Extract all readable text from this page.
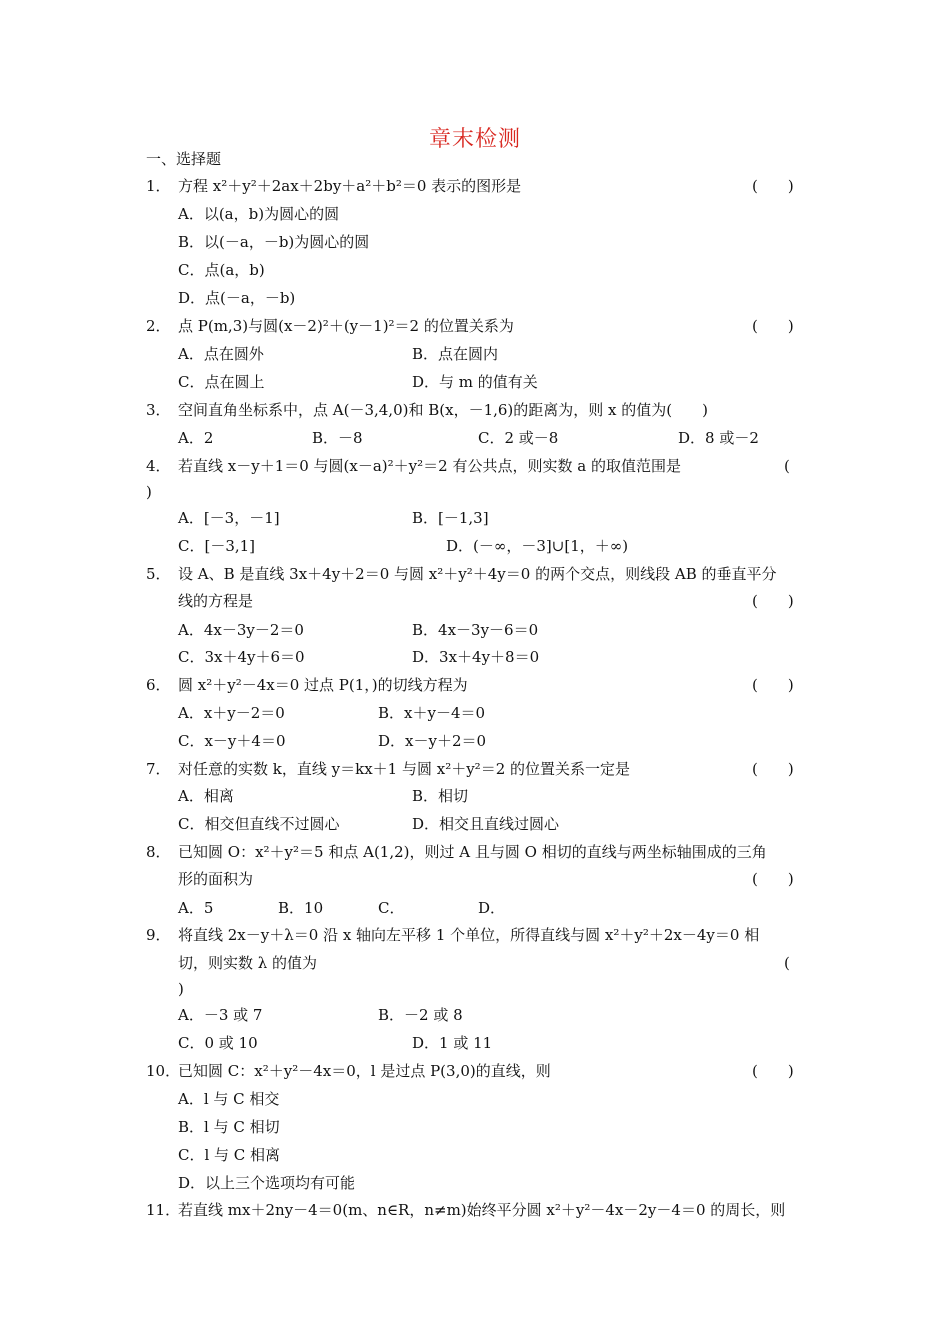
章末检测
一、选择题
1． 方程 x²＋y²＋2ax＋2by＋a²＋b²＝0 表示的图形是	(　　)
A．以(a，b)为圆心的圆
B．以(－a，－b)为圆心的圆
C．点(a，b)
D．点(－a，－b)
2． 点 P(m,3)与圆(x－2)²＋(y－1)²＝2 的位置关系为	(　　)
A．点在圆外	B．点在圆内
C．点在圆上	D．与 m 的值有关
3． 空间直角坐标系中，点 A(－3,4,0)和 B(x，－1,6)的距离为，则 x 的值为(　　)
A．2	B．－8	C．2 或－8	D．8 或－2
4． 若直线 x－y＋1＝0 与圆(x－a)²＋y²＝2 有公共点，则实数 a 的取值范围是	(
)
A．[－3，－1]	B．[－1,3]
C．[－3,1]	D．(－∞，－3]∪[1，＋∞)
5． 设 A、B 是直线 3x＋4y＋2＝0 与圆 x²＋y²＋4y＝0 的两个交点，则线段 AB 的垂直平分
线的方程是	(　　)
A．4x－3y－2＝0	B．4x－3y－6＝0
C．3x＋4y＋6＝0	D．3x＋4y＋8＝0
6． 圆 x²＋y²－4x＝0 过点 P(1，)的切线方程为	(　　)
A．x＋y－2＝0	B．x＋y－4＝0
C．x－y＋4＝0	D．x－y＋2＝0
7． 对任意的实数 k，直线 y＝kx＋1 与圆 x²＋y²＝2 的位置关系一定是	(　　)
A．相离	B．相切
C．相交但直线不过圆心	D．相交且直线过圆心
8． 已知圆 O：x²＋y²＝5 和点 A(1,2)，则过 A 且与圆 O 相切的直线与两坐标轴围成的三角
形的面积为	(　　)
A．5	B．10	C．	D．
9． 将直线 2x－y＋λ＝0 沿 x 轴向左平移 1 个单位，所得直线与圆 x²＋y²＋2x－4y＝0 相
切，则实数 λ 的值为	(
)
A．－3 或 7	B．－2 或 8
C．0 或 10	D．1 或 11
10．
已知圆 C：x²＋y²－4x＝0，l 是过点 P(3,0)的直线，则	(　　)
A．l 与 C 相交
B．l 与 C 相切
C．l 与 C 相离
D．以上三个选项均有可能
11．
若直线 mx＋2ny－4＝0(m、n∈R，n≠m)始终平分圆 x²＋y²－4x－2y－4＝0 的周长，则
